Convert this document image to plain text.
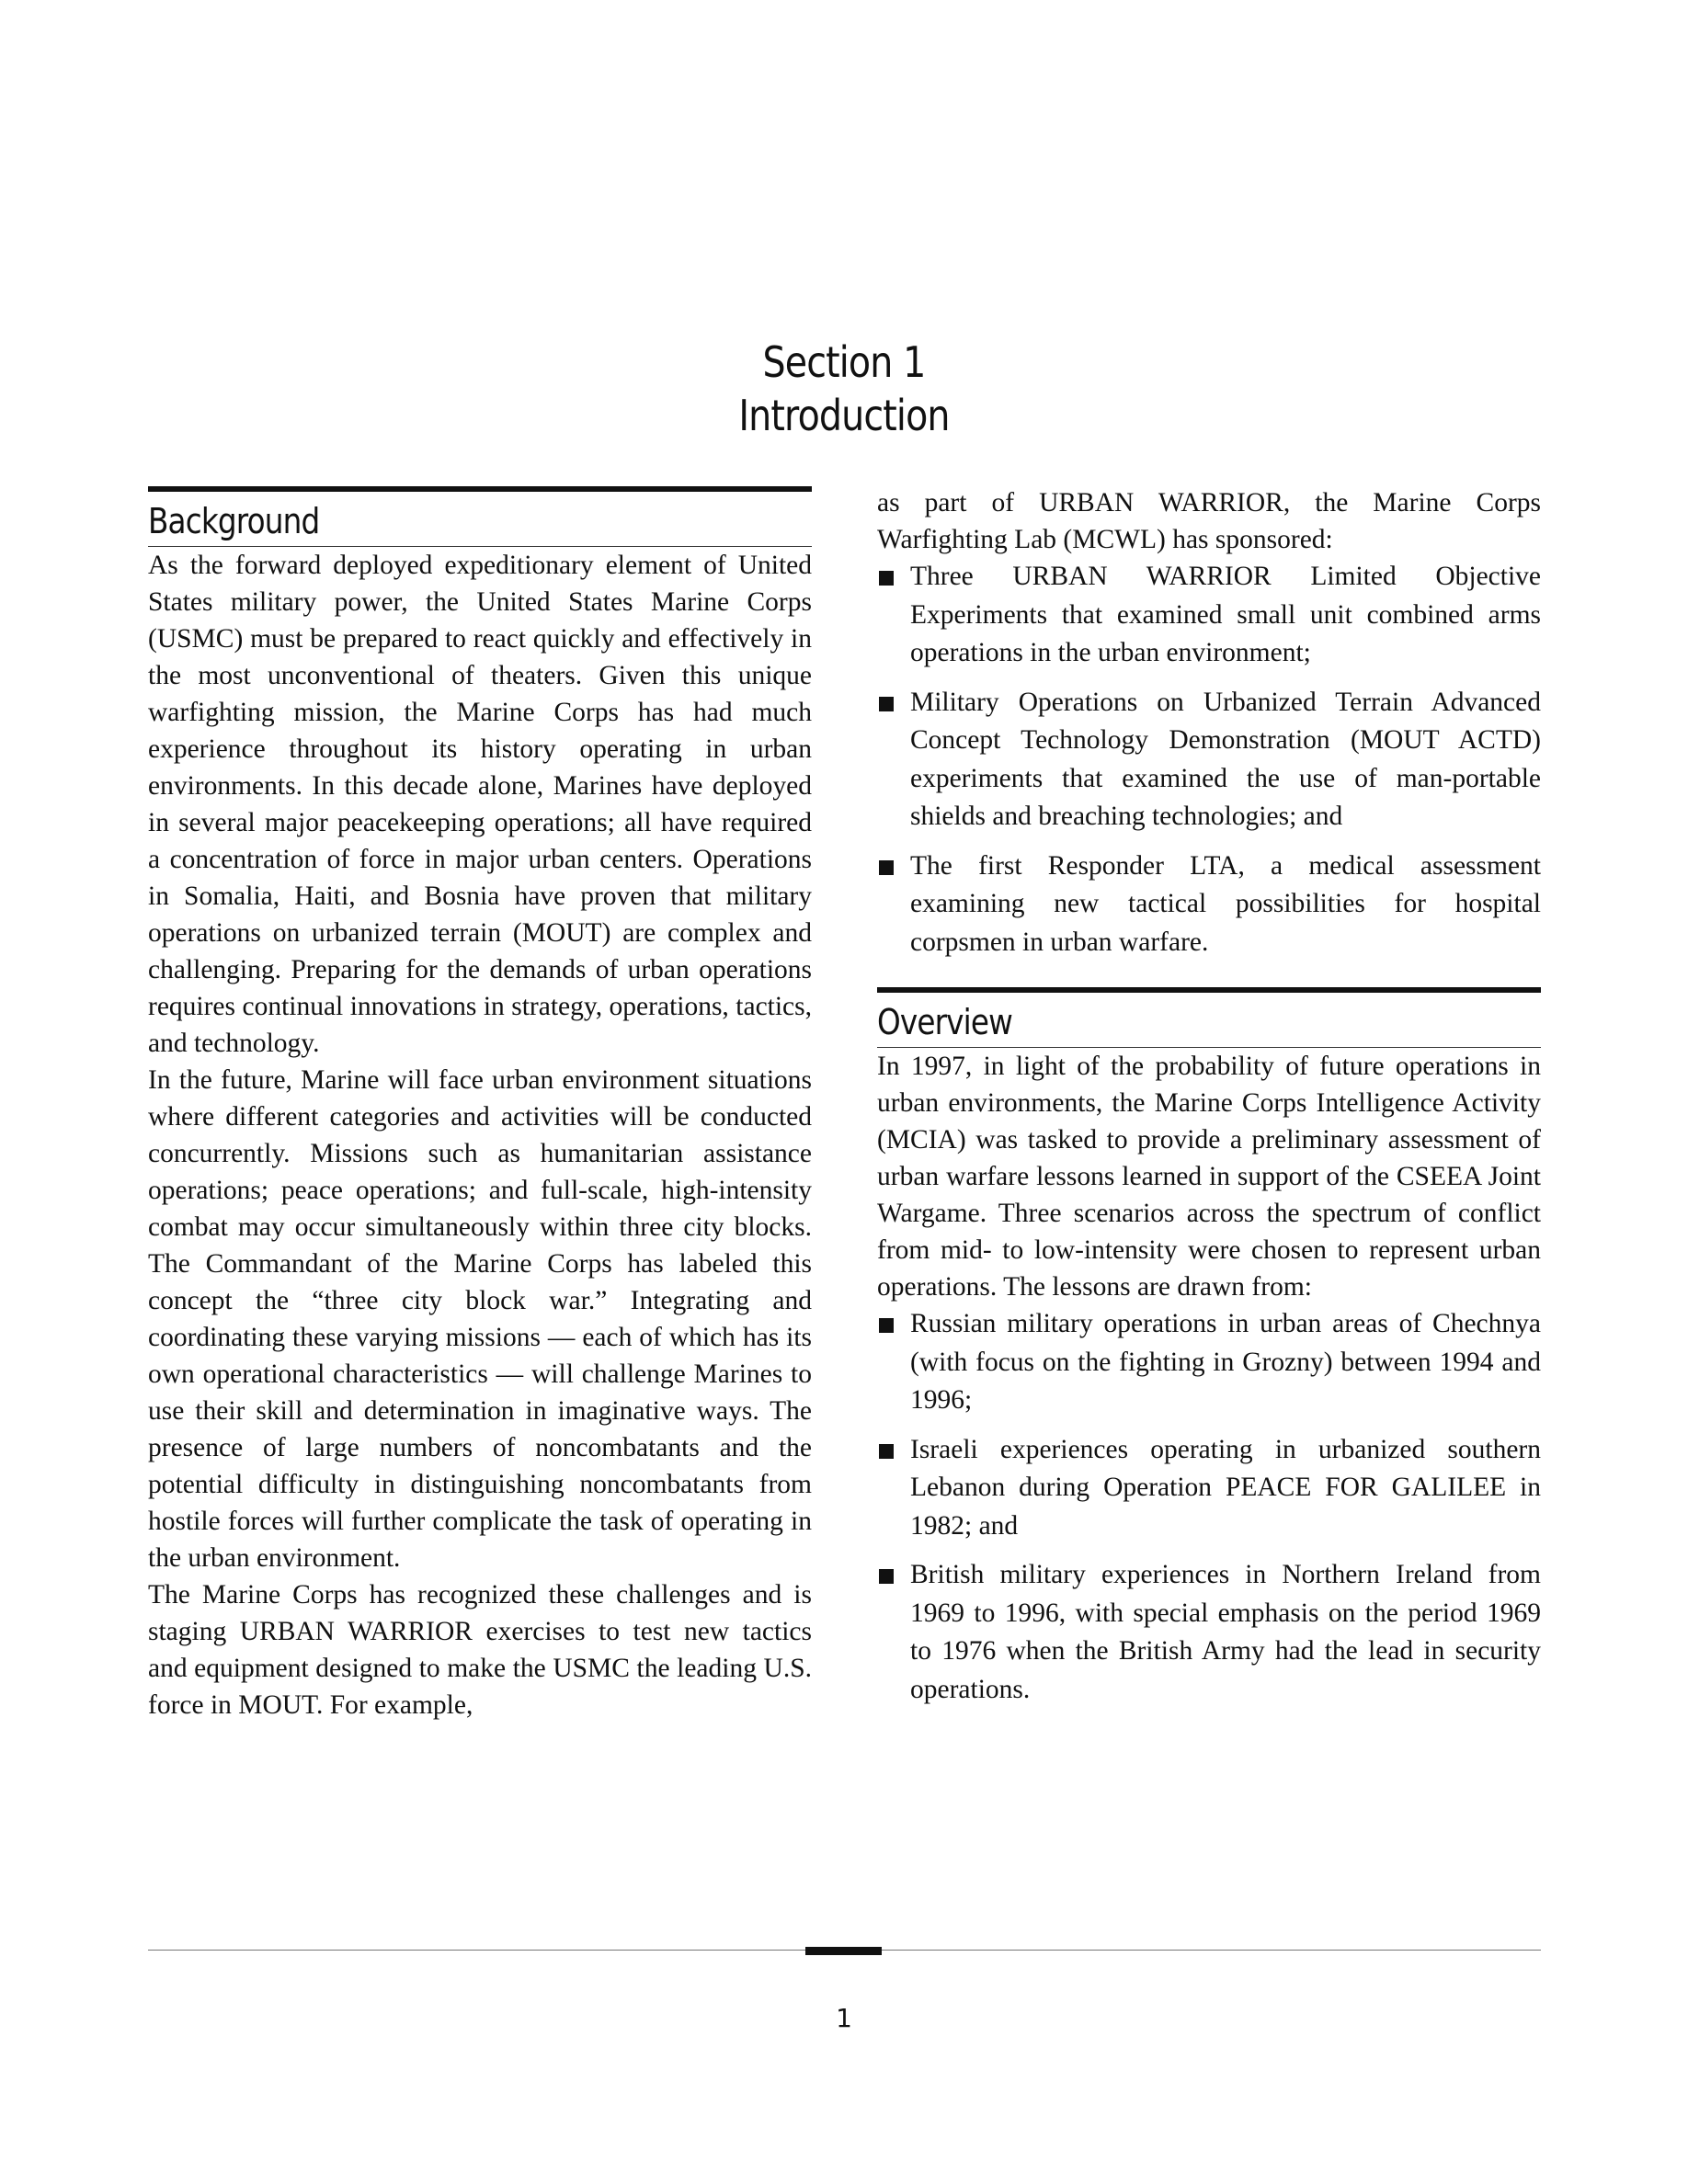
Section 1
Introduction
Background

As the forward deployed expeditionary element of United States military power, the United States Marine Corps (USMC) must be prepared to react quickly and effectively in the most unconventional of theaters. Given this unique warfighting mission, the Marine Corps has had much experience throughout its history operating in urban environments. In this decade alone, Marines have deployed in several major peacekeeping operations; all have required a concentration of force in major urban centers. Operations in Somalia, Haiti, and Bosnia have proven that military operations on urbanized terrain (MOUT) are complex and challenging. Preparing for the demands of urban operations requires continual innovations in strategy, operations, tactics, and technology.

In the future, Marine will face urban environment situations where different categories and activities will be conducted concurrently. Missions such as humanitarian assistance operations; peace operations; and full-scale, high-intensity combat may occur simultaneously within three city blocks. The Commandant of the Marine Corps has labeled this concept the “three city block war.” Integrating and coordinating these varying missions — each of which has its own operational characteristics — will challenge Marines to use their skill and determination in imaginative ways. The presence of large numbers of noncombatants and the potential difficulty in distinguishing noncombatants from hostile forces will further complicate the task of operating in the urban environment.

The Marine Corps has recognized these challenges and is staging URBAN WARRIOR exercises to test new tactics and equipment designed to make the USMC the leading U.S. force in MOUT. For example,

as part of URBAN WARRIOR, the Marine Corps Warfighting Lab (MCWL) has sponsored:

Three URBAN WARRIOR Limited Objective Experiments that examined small unit combined arms operations in the urban environment;
Military Operations on Urbanized Terrain Advanced Concept Technology Demonstration (MOUT ACTD) experiments that examined the use of man-portable shields and breaching technologies; and
The first Responder LTA, a medical assessment examining new tactical possibilities for hospital corpsmen in urban warfare.
Overview

In 1997, in light of the probability of future operations in urban environments, the Marine Corps Intelligence Activity (MCIA) was tasked to provide a preliminary assessment of urban warfare lessons learned in support of the CSEEA Joint Wargame. Three scenarios across the spectrum of conflict from mid- to low-intensity were chosen to represent urban operations. The lessons are drawn from:

Russian military operations in urban areas of Chechnya (with focus on the fighting in Grozny) between 1994 and 1996;
Israeli experiences operating in urbanized southern Lebanon during Operation PEACE FOR GALILEE in 1982; and
British military experiences in Northern Ireland from 1969 to 1996, with special emphasis on the period 1969 to 1976 when the British Army had the lead in security operations.
1
